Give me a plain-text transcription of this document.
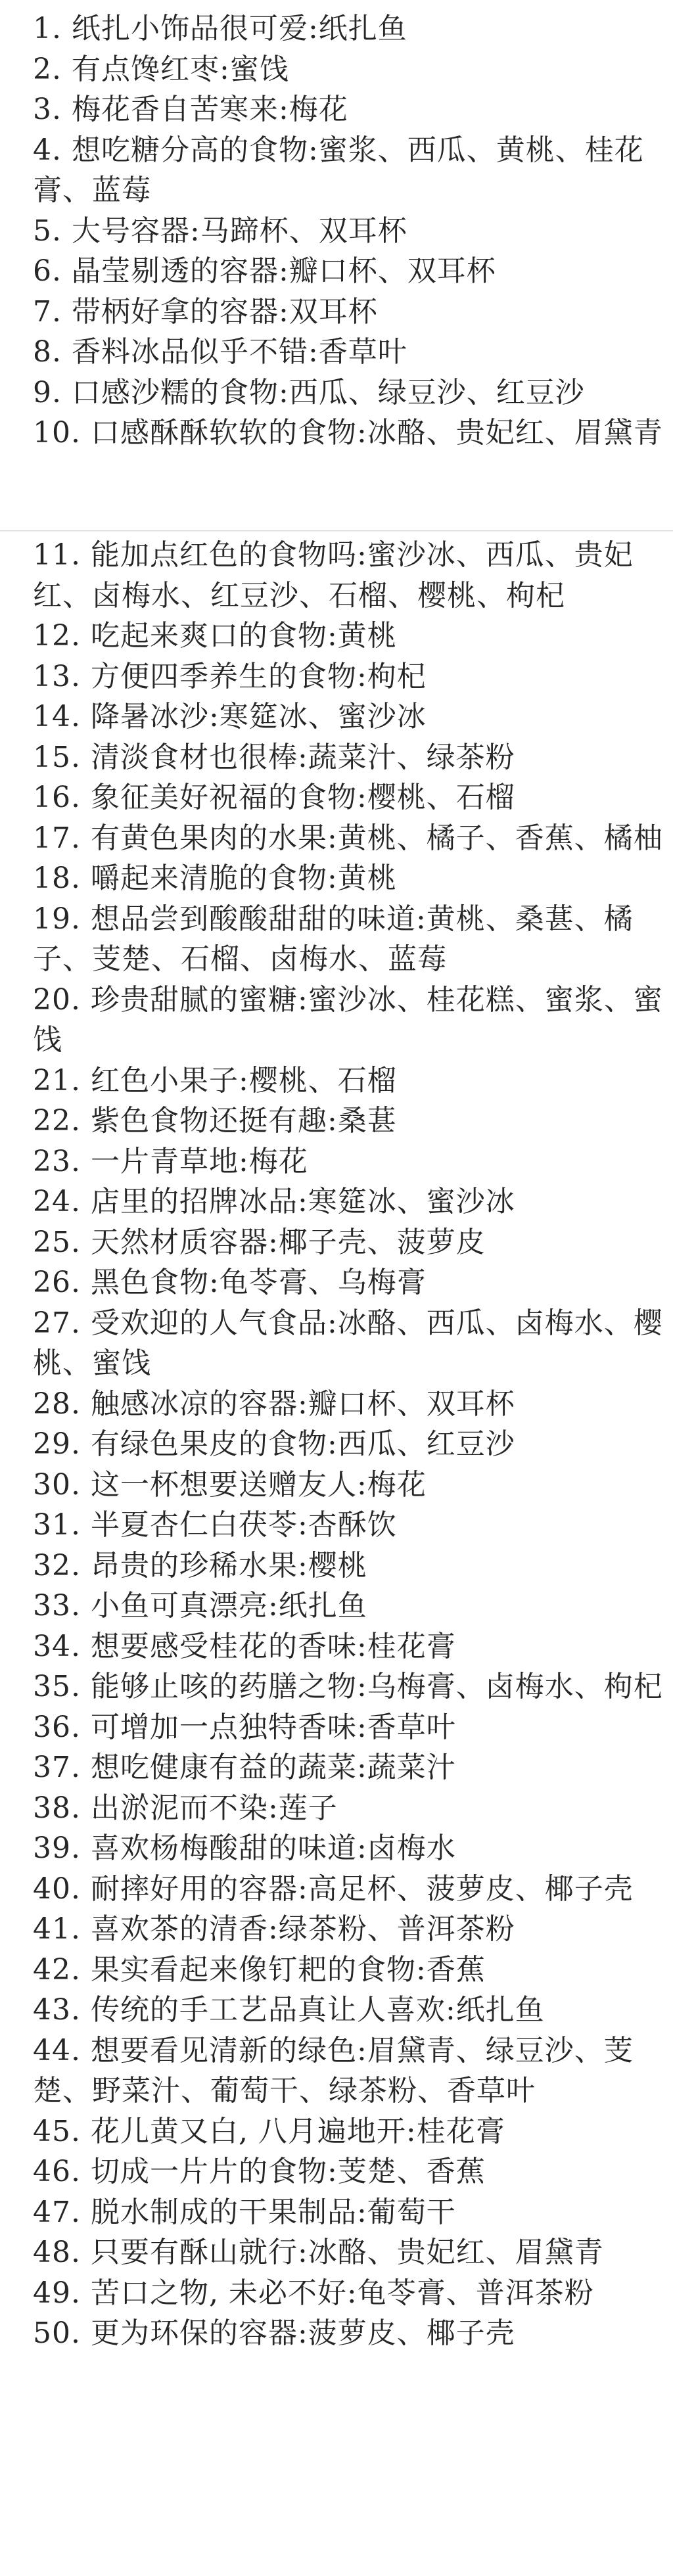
1. 纸扎小饰品很可爱:纸扎鱼
2. 有点馋红枣:蜜饯
3. 梅花香自苦寒来:梅花
4. 想吃糖分高的食物:蜜浆、西瓜、黄桃、桂花膏、蓝莓
5. 大号容器:马蹄杯、双耳杯
6. 晶莹剔透的容器:瓣口杯、双耳杯
7. 带柄好拿的容器:双耳杯
8. 香料冰品似乎不错:香草叶
9. 口感沙糯的食物:西瓜、绿豆沙、红豆沙
10. 口感酥酥软软的食物:冰酪、贵妃红、眉黛青
11. 能加点红色的食物吗:蜜沙冰、西瓜、贵妃红、卤梅水、红豆沙、石榴、樱桃、枸杞
12. 吃起来爽口的食物:黄桃
13. 方便四季养生的食物:枸杞
14. 降暑冰沙:寒筵冰、蜜沙冰
15. 清淡食材也很棒:蔬菜汁、绿茶粉
16. 象征美好祝福的食物:樱桃、石榴
17. 有黄色果肉的水果:黄桃、橘子、香蕉、橘柚
18. 嚼起来清脆的食物:黄桃
19. 想品尝到酸酸甜甜的味道:黄桃、桑葚、橘子、芰楚、石榴、卤梅水、蓝莓
20. 珍贵甜腻的蜜糖:蜜沙冰、桂花糕、蜜浆、蜜饯
21. 红色小果子:樱桃、石榴
22. 紫色食物还挺有趣:桑葚
23. 一片青草地:梅花
24. 店里的招牌冰品:寒筵冰、蜜沙冰
25. 天然材质容器:椰子壳、菠萝皮
26. 黑色食物:龟苓膏、乌梅膏
27. 受欢迎的人气食品:冰酪、西瓜、卤梅水、樱桃、蜜饯
28. 触感冰凉的容器:瓣口杯、双耳杯
29. 有绿色果皮的食物:西瓜、红豆沙
30. 这一杯想要送赠友人:梅花
31. 半夏杏仁白茯苓:杏酥饮
32. 昂贵的珍稀水果:樱桃
33. 小鱼可真漂亮:纸扎鱼
34. 想要感受桂花的香味:桂花膏
35. 能够止咳的药膳之物:乌梅膏、卤梅水、枸杞
36. 可增加一点独特香味:香草叶
37. 想吃健康有益的蔬菜:蔬菜汁
38. 出淤泥而不染:莲子
39. 喜欢杨梅酸甜的味道:卤梅水
40. 耐摔好用的容器:高足杯、菠萝皮、椰子壳
41. 喜欢茶的清香:绿茶粉、普洱茶粉
42. 果实看起来像钉耙的食物:香蕉
43. 传统的手工艺品真让人喜欢:纸扎鱼
44. 想要看见清新的绿色:眉黛青、绿豆沙、芰楚、野菜汁、葡萄干、绿茶粉、香草叶
45. 花儿黄又白, 八月遍地开:桂花膏
46. 切成一片片的食物:芰楚、香蕉
47. 脱水制成的干果制品:葡萄干
48. 只要有酥山就行:冰酪、贵妃红、眉黛青
49. 苦口之物, 未必不好:龟苓膏、普洱茶粉
50. 更为环保的容器:菠萝皮、椰子壳
